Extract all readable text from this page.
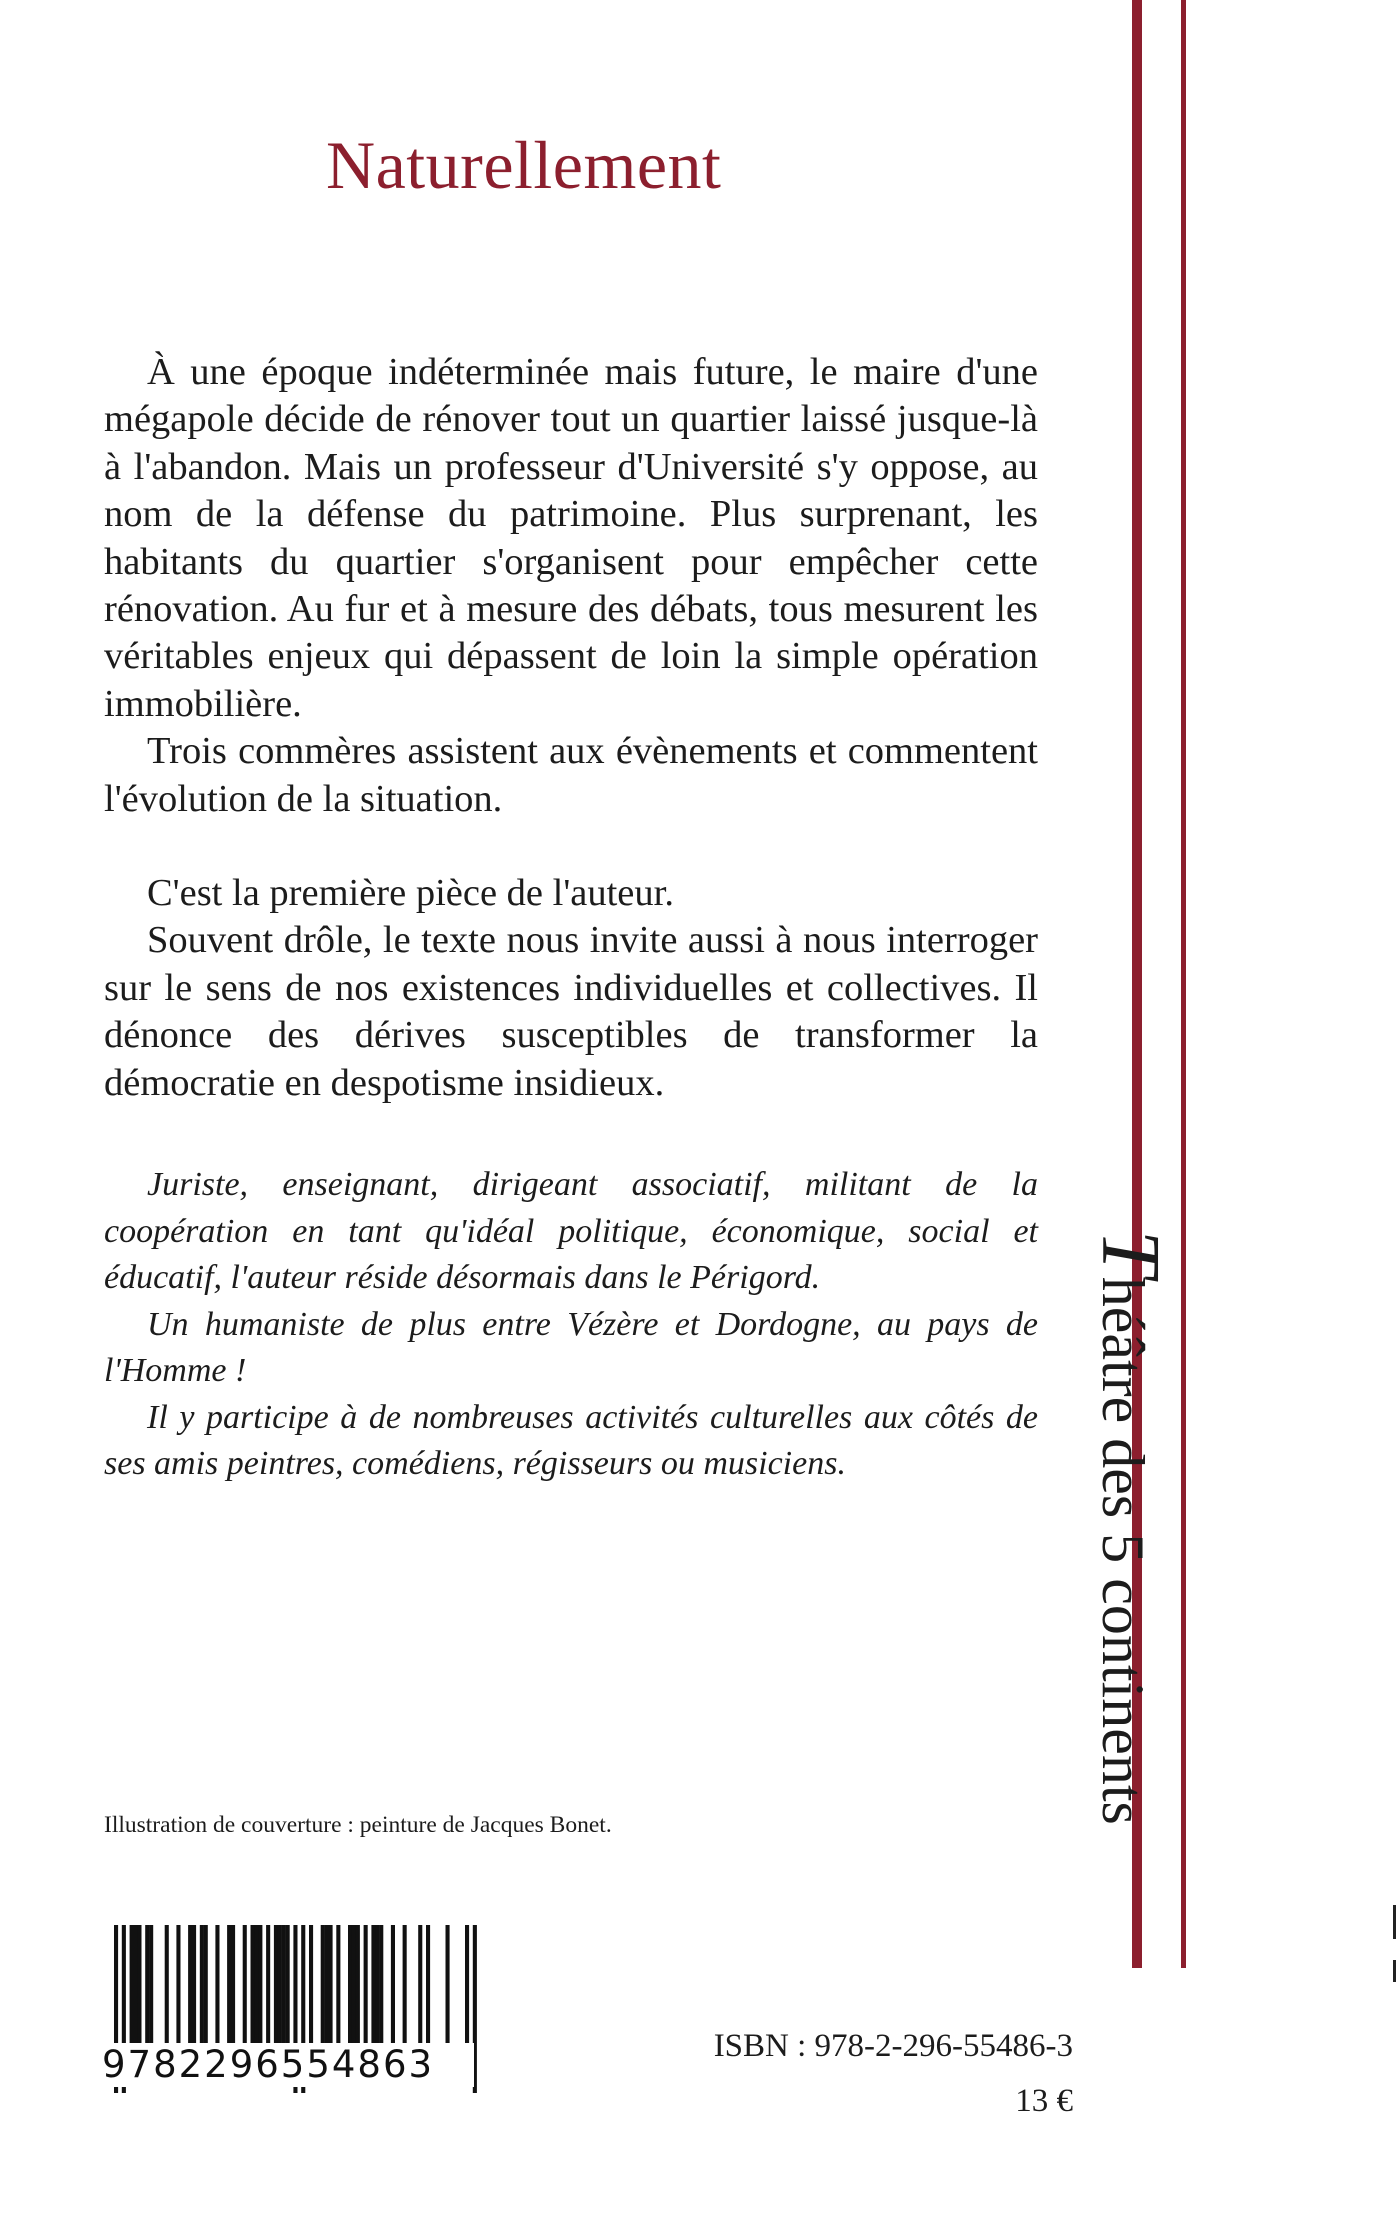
Naturellement

À une époque indéterminée mais future, le maire d'une mégapole décide de rénover tout un quartier laissé jusque-là à l'abandon. Mais un professeur d'Université s'y oppose, au nom de la défense du patrimoine. Plus surprenant, les habitants du quartier s'organisent pour empêcher cette rénovation. Au fur et à mesure des débats, tous mesurent les véritables enjeux qui dépassent de loin la simple opération immobilière.

Trois commères assistent aux évènements et commentent l'évolution de la situation.

C'est la première pièce de l'auteur.

Souvent drôle, le texte nous invite aussi à nous interroger sur le sens de nos existences individuelles et collectives. Il dénonce des dérives susceptibles de transformer la démocratie en despotisme insidieux.

Juriste, enseignant, dirigeant associatif, militant de la coopération en tant qu'idéal politique, économique, social et éducatif, l'auteur réside désormais dans le Périgord.

Un humaniste de plus entre Vézère et Dordogne, au pays de l'Homme !

Il y participe à de nombreuses activités culturelles aux côtés de ses amis peintres, comédiens, régisseurs ou musiciens.

Illustration de couverture : peinture de Jacques Bonet.
Théâtre des 5 continents
9782296554863	ISBN : 978-2-296-55486-3
13 €
